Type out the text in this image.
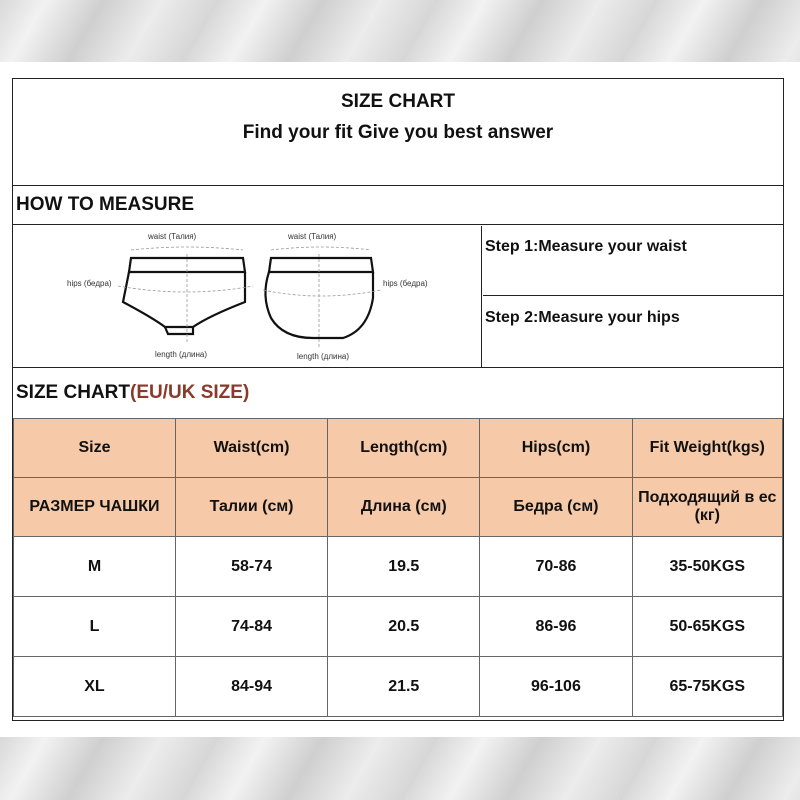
SIZE CHART
Find your fit Give you best answer
HOW TO MEASURE
waist (Талия)
hips (бедра)
length (длина)
waist (Талия)
hips (бедра)
length (длина)
Step 1:Measure your waist
Step 2:Measure your hips
SIZE CHART(EU/UK SIZE)
Size	Waist(cm)	Length(cm)	Hips(cm)	Fit Weight(kgs)
РАЗМЕР ЧАШКИ	Талии (см)	Длина (см)	Бедра (см)	Подходящий в ес (кг)
M	58-74	19.5	70-86	35-50KGS
L	74-84	20.5	86-96	50-65KGS
XL	84-94	21.5	96-106	65-75KGS
